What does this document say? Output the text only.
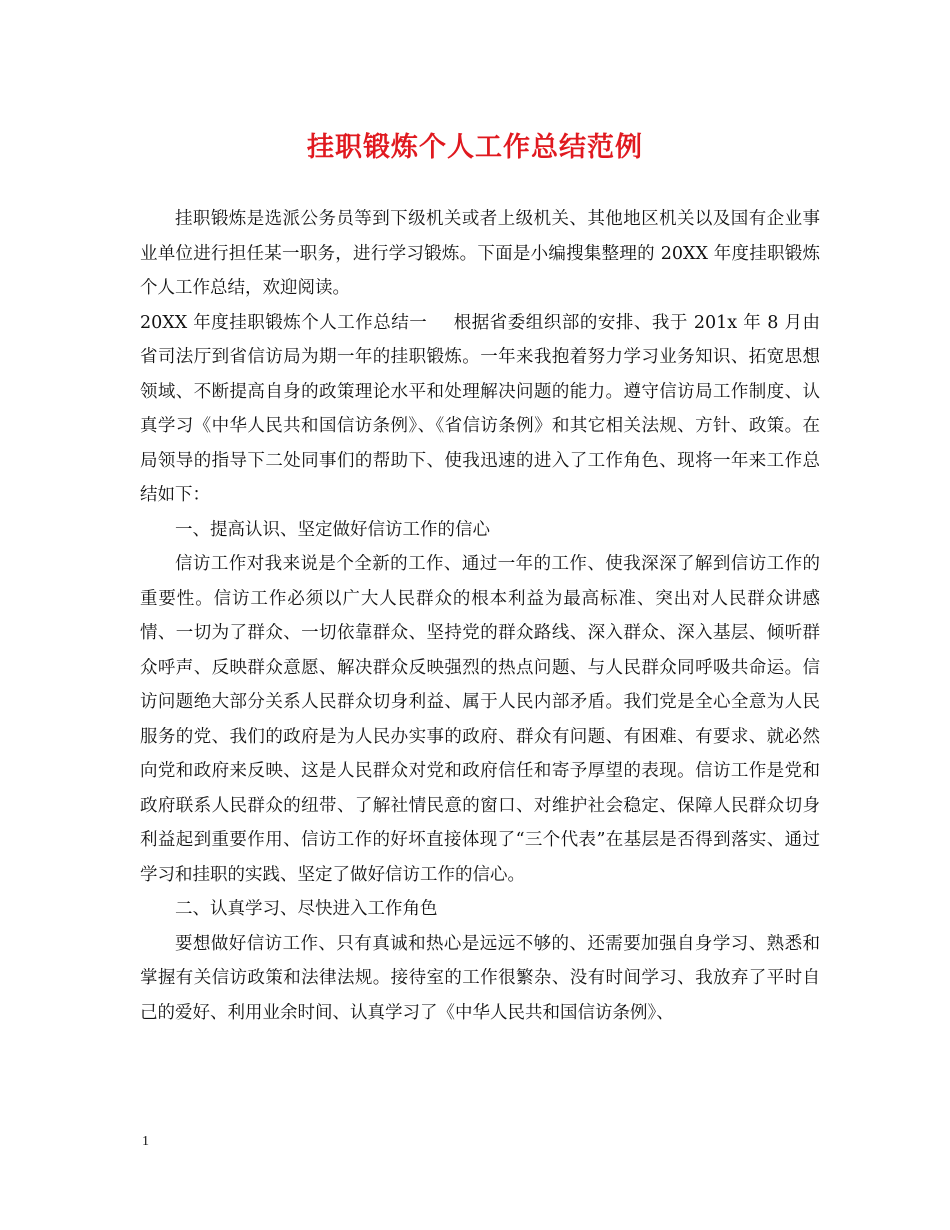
挂职锻炼个人工作总结范例

挂职锻炼是选派公务员等到下级机关或者上级机关、其他地区机关以及国有企业事业单位进行担任某一职务，进行学习锻炼。下面是小编搜集整理的 20XX 年度挂职锻炼个人工作总结，欢迎阅读。

20XX 年度挂职锻炼个人工作总结一 根据省委组织部的安排、我于 201x 年 8 月由省司法厅到省信访局为期一年的挂职锻炼。一年来我抱着努力学习业务知识、拓宽思想领域、不断提高自身的政策理论水平和处理解决问题的能力。遵守信访局工作制度、认真学习《中华人民共和国信访条例》、《省信访条例》和其它相关法规、方针、政策。在局领导的指导下二处同事们的帮助下、使我迅速的进入了工作角色、现将一年来工作总结如下：

一、提高认识、坚定做好信访工作的信心

信访工作对我来说是个全新的工作、通过一年的工作、使我深深了解到信访工作的重要性。信访工作必须以广大人民群众的根本利益为最高标准、突出对人民群众讲感情、一切为了群众、一切依靠群众、坚持党的群众路线、深入群众、深入基层、倾听群众呼声、反映群众意愿、解决群众反映强烈的热点问题、与人民群众同呼吸共命运。信访问题绝大部分关系人民群众切身利益、属于人民内部矛盾。我们党是全心全意为人民服务的党、我们的政府是为人民办实事的政府、群众有问题、有困难、有要求、就必然向党和政府来反映、这是人民群众对党和政府信任和寄予厚望的表现。信访工作是党和政府联系人民群众的纽带、了解社情民意的窗口、对维护社会稳定、保障人民群众切身利益起到重要作用、信访工作的好坏直接体现了“三个代表”在基层是否得到落实、通过学习和挂职的实践、坚定了做好信访工作的信心。

二、认真学习、尽快进入工作角色

要想做好信访工作、只有真诚和热心是远远不够的、还需要加强自身学习、熟悉和掌握有关信访政策和法律法规。接待室的工作很繁杂、没有时间学习、我放弃了平时自己的爱好、利用业余时间、认真学习了《中华人民共和国信访条例》、

1
